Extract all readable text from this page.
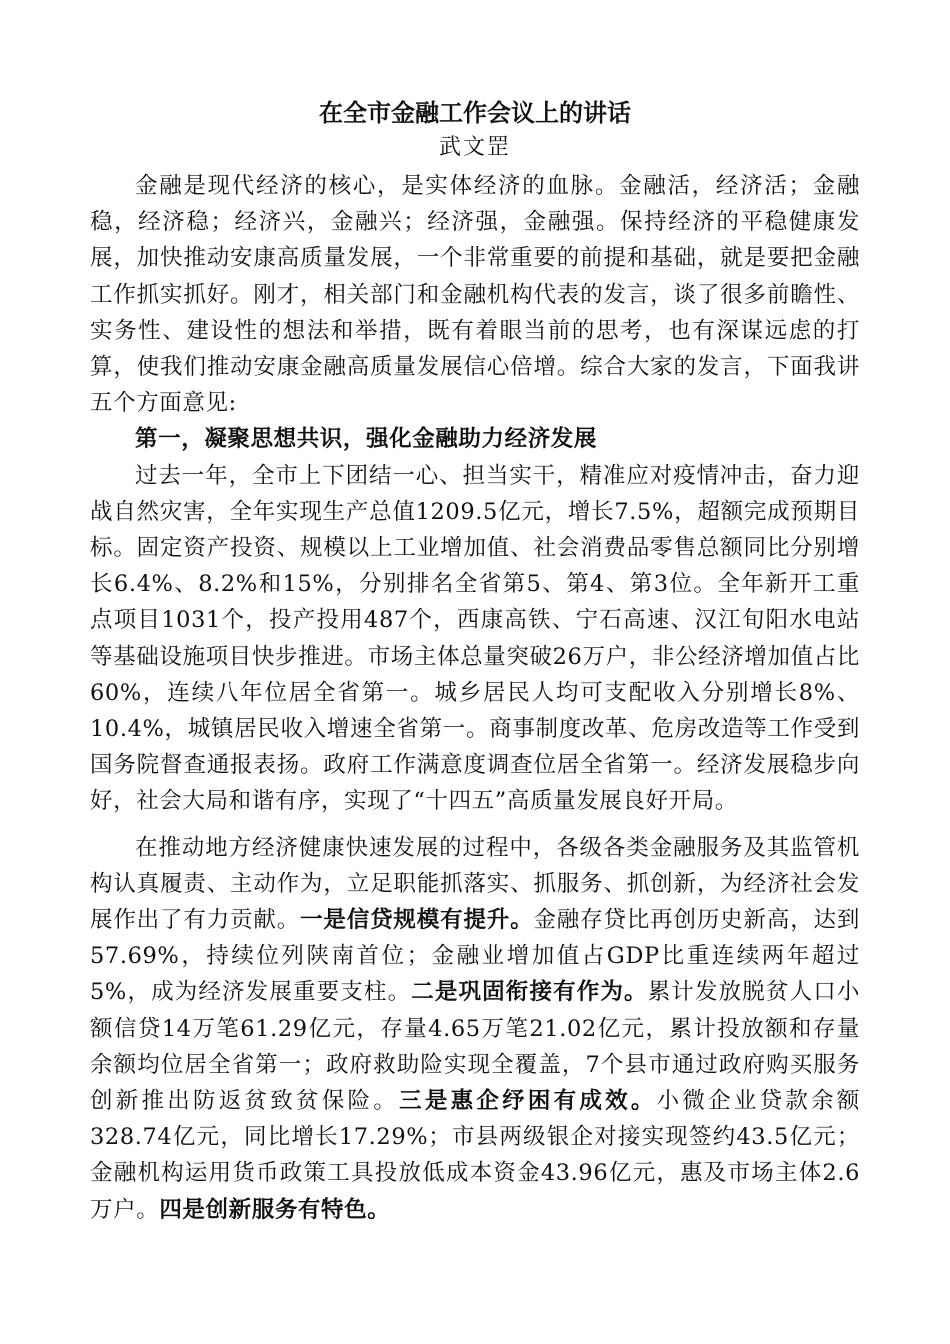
在全市金融工作会议上的讲话
武文罡

金融是现代经济的核心，是实体经济的血脉。金融活，经济活；金融稳，经济稳；经济兴，金融兴；经济强，金融强。保持经济的平稳健康发展，加快推动安康高质量发展，一个非常重要的前提和基础，就是要把金融工作抓实抓好。刚才，相关部门和金融机构代表的发言，谈了很多前瞻性、实务性、建设性的想法和举措，既有着眼当前的思考，也有深谋远虑的打算，使我们推动安康金融高质量发展信心倍增。综合大家的发言，下面我讲五个方面意见:

第一，凝聚思想共识，强化金融助力经济发展

过去一年，全市上下团结一心、担当实干，精准应对疫情冲击，奋力迎战自然灾害，全年实现生产总值1209.5亿元，增长7.5%，超额完成预期目标。固定资产投资、规模以上工业增加值、社会消费品零售总额同比分别增长6.4%、8.2%和15%，分别排名全省第5、第4、第3位。全年新开工重点项目1031个，投产投用487个，西康高铁、宁石高速、汉江旬阳水电站等基础设施项目快步推进。市场主体总量突破26万户，非公经济增加值占比60%，连续八年位居全省第一。城乡居民人均可支配收入分别增长8%、10.4%，城镇居民收入增速全省第一。商事制度改革、危房改造等工作受到国务院督查通报表扬。政府工作满意度调查位居全省第一。经济发展稳步向好，社会大局和谐有序，实现了“十四五”高质量发展良好开局。

在推动地方经济健康快速发展的过程中，各级各类金融服务及其监管机构认真履责、主动作为，立足职能抓落实、抓服务、抓创新，为经济社会发展作出了有力贡献。一是信贷规模有提升。金融存贷比再创历史新高，达到57.69%，持续位列陕南首位；金融业增加值占GDP比重连续两年超过5%，成为经济发展重要支柱。二是巩固衔接有作为。累计发放脱贫人口小额信贷14万笔61.29亿元，存量4.65万笔21.02亿元，累计投放额和存量余额均位居全省第一；政府救助险实现全覆盖，7个县市通过政府购买服务创新推出防返贫致贫保险。三是惠企纾困有成效。小微企业贷款余额328.74亿元，同比增长17.29%；市县两级银企对接实现签约43.5亿元；金融机构运用货币政策工具投放低成本资金43.96亿元，惠及市场主体2.6万户。四是创新服务有特色。
